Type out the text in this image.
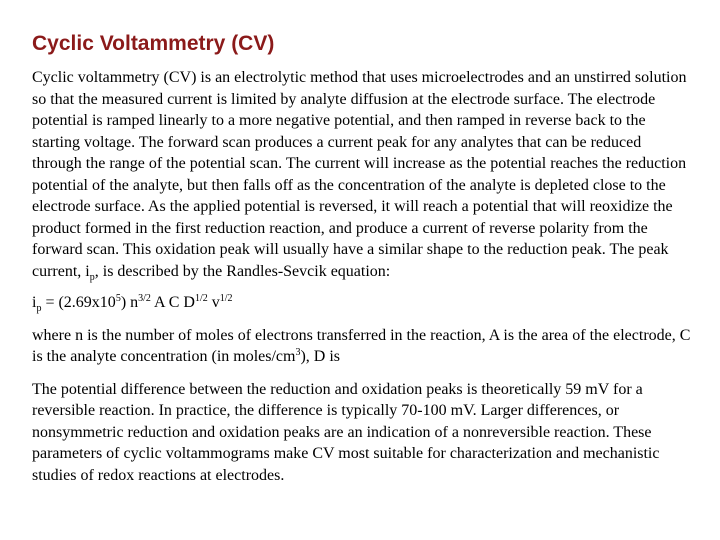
Cyclic Voltammetry (CV)

Cyclic voltammetry (CV) is an electrolytic method that uses microelectrodes and an unstirred solution so that the measured current is limited by analyte diffusion at the electrode surface. The electrode potential is ramped linearly to a more negative potential, and then ramped in reverse back to the starting voltage. The forward scan produces a current peak for any analytes that can be reduced through the range of the potential scan. The current will increase as the potential reaches the reduction potential of the analyte, but then falls off as the concentration of the analyte is depleted close to the electrode surface. As the applied potential is reversed, it will reach a potential that will reoxidize the product formed in the first reduction reaction, and produce a current of reverse polarity from the forward scan. This oxidation peak will usually have a similar shape to the reduction peak. The peak current, $i_p$, is described by the Randles-Sevcik equation:

$i_p = (2.69x10^5)$ $n^{3/2}$ A C $D^{1/2}$ $v^{1/2}$

where n is the number of moles of electrons transferred in the reaction, A is the area of the electrode, C is the analyte concentration (in moles/$cm^3$), D is

The potential difference between the reduction and oxidation peaks is theoretically 59 mV for a reversible reaction. In practice, the difference is typically 70-100 mV. Larger differences, or nonsymmetric reduction and oxidation peaks are an indication of a nonreversible reaction. These parameters of cyclic voltammograms make CV most suitable for characterization and mechanistic studies of redox reactions at electrodes.
